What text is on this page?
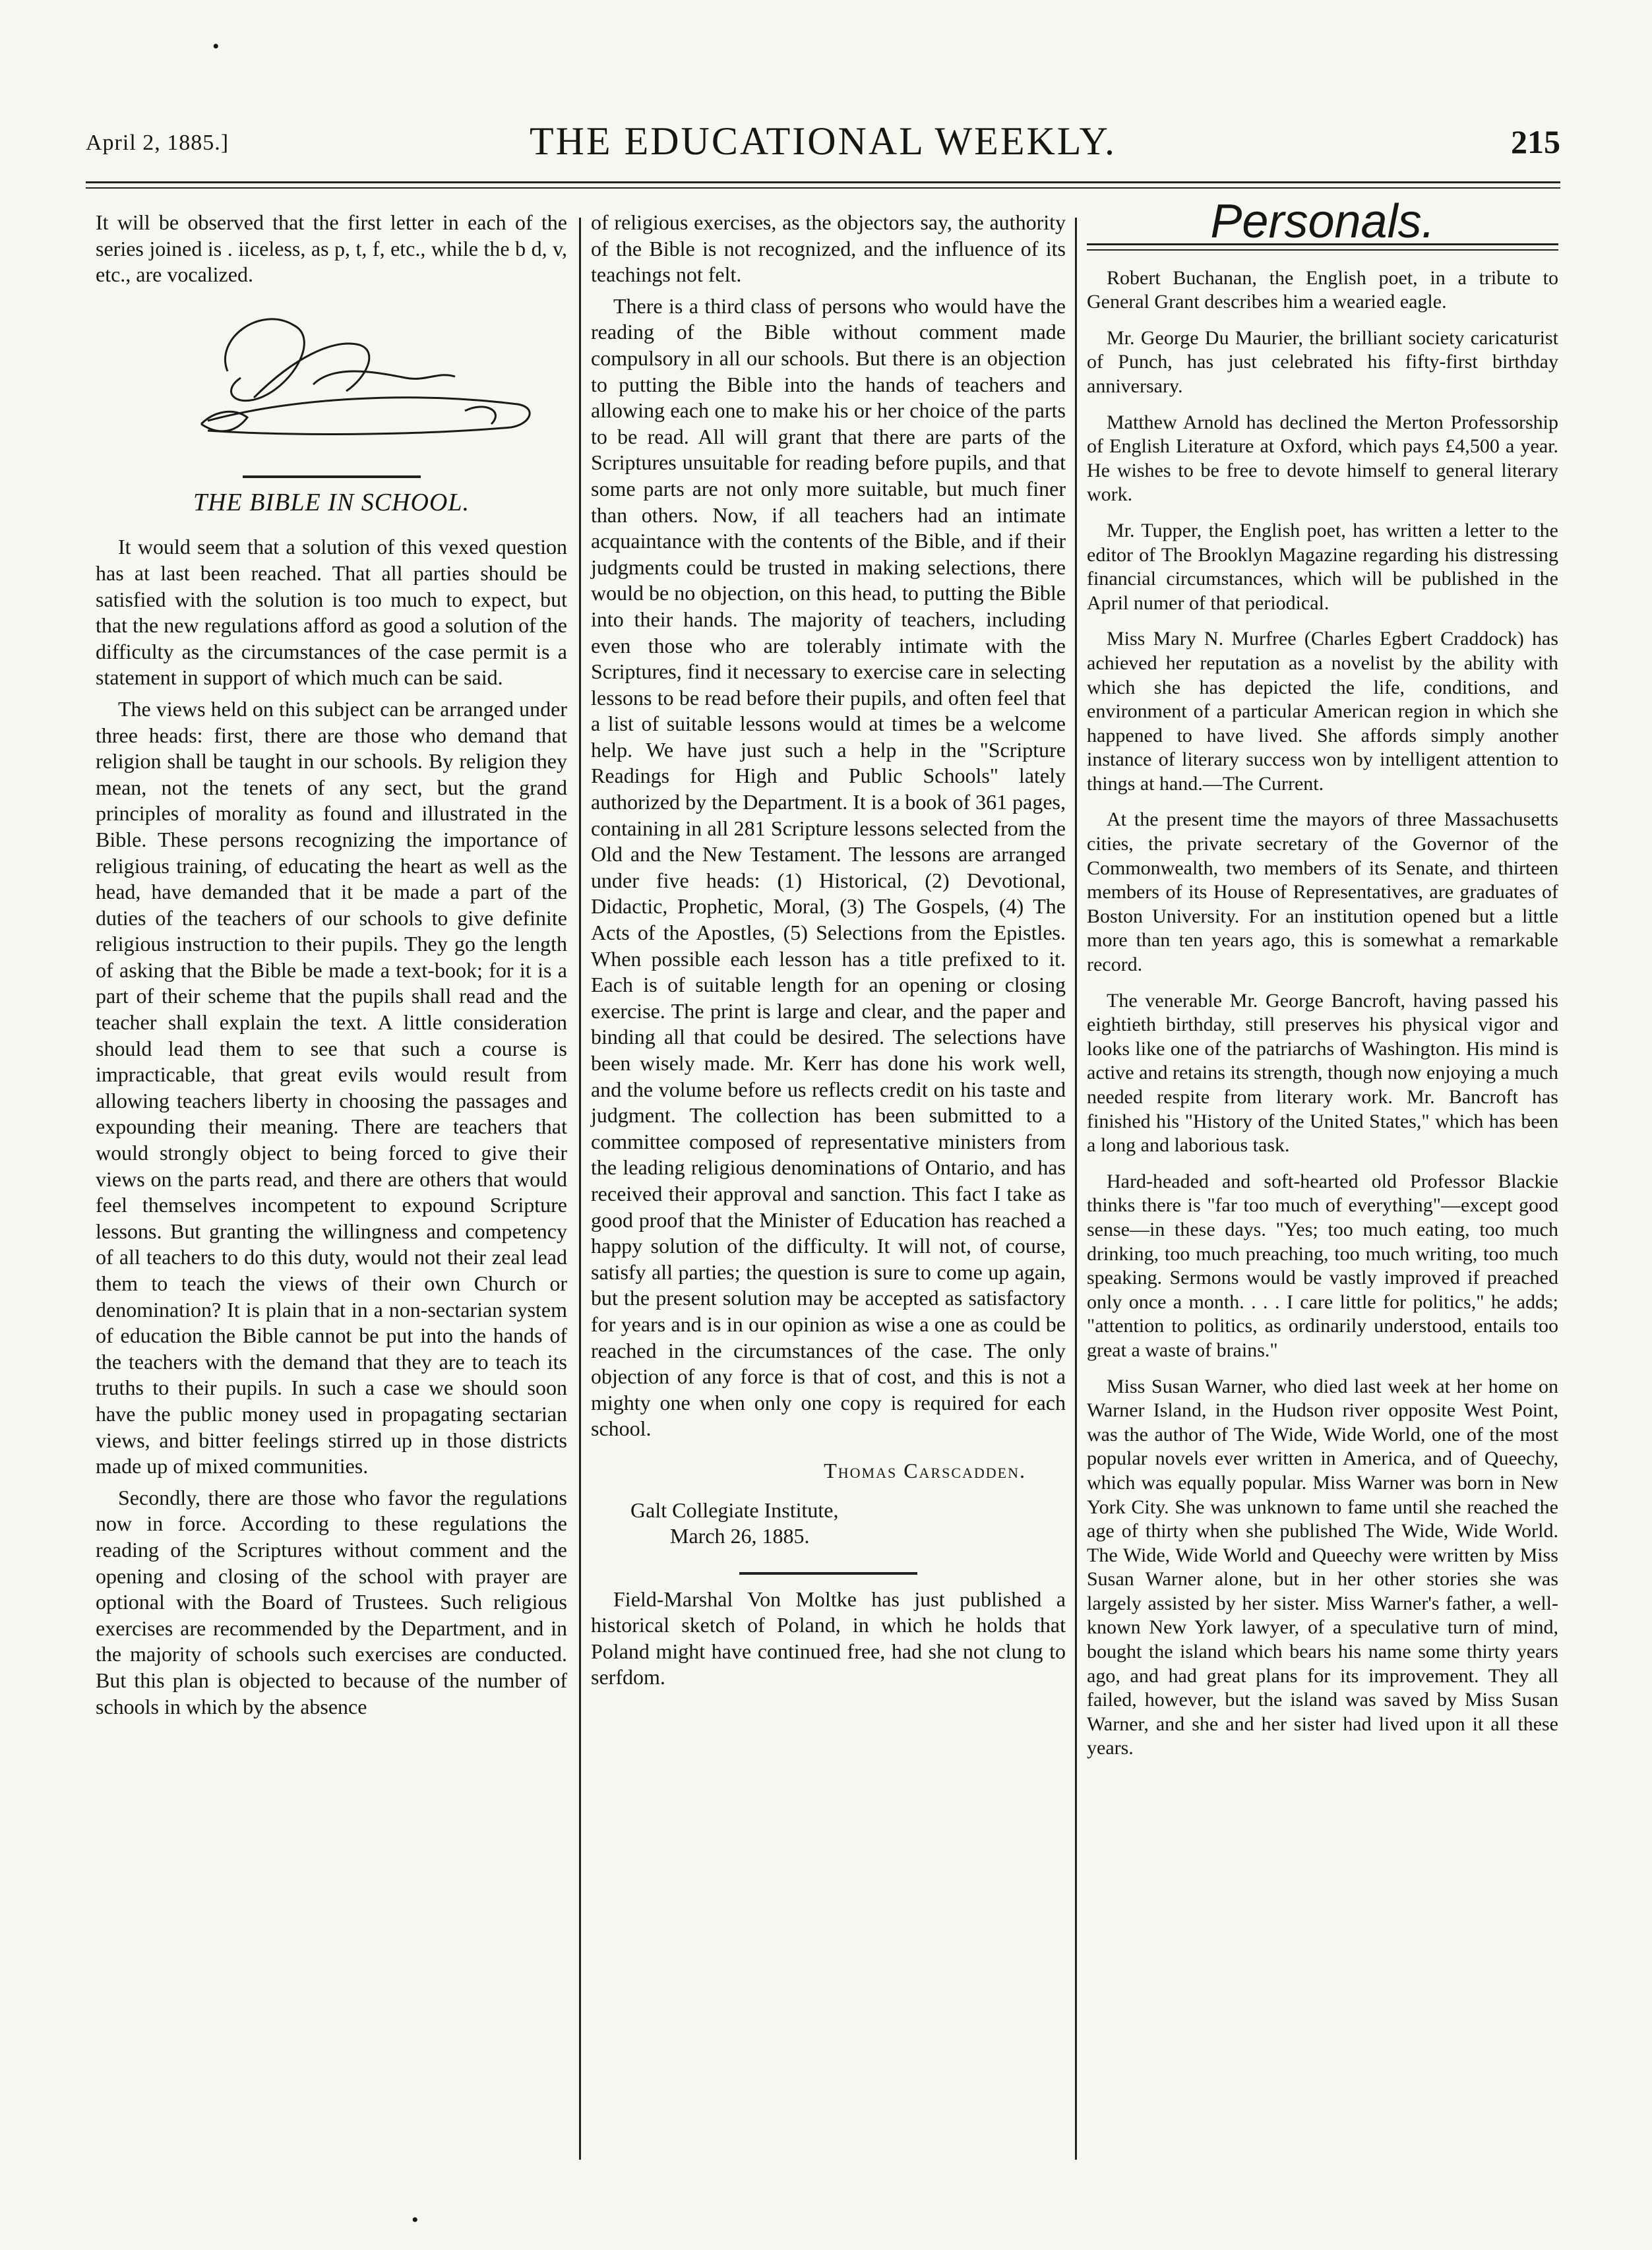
April 2, 1885.]	THE EDUCATIONAL WEEKLY.	215
•
•

It will be observed that the first letter in each of the series joined is . iiceless, as p, t, f, etc., while the b d, v, etc., are vocalized.

THE BIBLE IN SCHOOL.

It would seem that a solution of this vexed question has at last been reached. That all parties should be satisfied with the solution is too much to expect, but that the new regulations afford as good a solution of the difficulty as the circumstances of the case permit is a statement in support of which much can be said.

The views held on this subject can be arranged under three heads: first, there are those who demand that religion shall be taught in our schools. By religion they mean, not the tenets of any sect, but the grand principles of morality as found and illustrated in the Bible. These persons recognizing the importance of religious training, of educating the heart as well as the head, have demanded that it be made a part of the duties of the teachers of our schools to give definite religious instruction to their pupils. They go the length of asking that the Bible be made a text-book; for it is a part of their scheme that the pupils shall read and the teacher shall explain the text. A little consideration should lead them to see that such a course is impracticable, that great evils would result from allowing teachers liberty in choosing the passages and expounding their meaning. There are teachers that would strongly object to being forced to give their views on the parts read, and there are others that would feel themselves incompetent to expound Scripture lessons. But granting the willingness and competency of all teachers to do this duty, would not their zeal lead them to teach the views of their own Church or denomination? It is plain that in a non-sectarian system of education the Bible cannot be put into the hands of the teachers with the demand that they are to teach its truths to their pupils. In such a case we should soon have the public money used in propagating sectarian views, and bitter feelings stirred up in those districts made up of mixed communities.

Secondly, there are those who favor the regulations now in force. According to these regulations the reading of the Scriptures without comment and the opening and closing of the school with prayer are optional with the Board of Trustees. Such religious exercises are recommended by the Department, and in the majority of schools such exercises are conducted. But this plan is objected to because of the number of schools in which by the absence

of religious exercises, as the objectors say, the authority of the Bible is not recognized, and the influence of its teachings not felt.

There is a third class of persons who would have the reading of the Bible without comment made compulsory in all our schools. But there is an objection to putting the Bible into the hands of teachers and allowing each one to make his or her choice of the parts to be read. All will grant that there are parts of the Scriptures unsuitable for reading before pupils, and that some parts are not only more suitable, but much finer than others. Now, if all teachers had an intimate acquaintance with the contents of the Bible, and if their judgments could be trusted in making selections, there would be no objection, on this head, to putting the Bible into their hands. The majority of teachers, including even those who are tolerably intimate with the Scriptures, find it necessary to exercise care in selecting lessons to be read before their pupils, and often feel that a list of suitable lessons would at times be a welcome help. We have just such a help in the "Scripture Readings for High and Public Schools" lately authorized by the Department. It is a book of 361 pages, containing in all 281 Scripture lessons selected from the Old and the New Testament. The lessons are arranged under five heads: (1) Historical, (2) Devotional, Didactic, Prophetic, Moral, (3) The Gospels, (4) The Acts of the Apostles, (5) Selections from the Epistles. When possible each lesson has a title prefixed to it. Each is of suitable length for an opening or closing exercise. The print is large and clear, and the paper and binding all that could be desired. The selections have been wisely made. Mr. Kerr has done his work well, and the volume before us reflects credit on his taste and judgment. The collection has been submitted to a committee composed of representative ministers from the leading religious denominations of Ontario, and has received their approval and sanction. This fact I take as good proof that the Minister of Education has reached a happy solution of the difficulty. It will not, of course, satisfy all parties; the question is sure to come up again, but the present solution may be accepted as satisfactory for years and is in our opinion as wise a one as could be reached in the circumstances of the case. The only objection of any force is that of cost, and this is not a mighty one when only one copy is required for each school.

Thomas Carscadden.
Galt Collegiate Institute,
March 26, 1885.

Field-Marshal Von Moltke has just published a historical sketch of Poland, in which he holds that Poland might have continued free, had she not clung to serfdom.

Personals.

Robert Buchanan, the English poet, in a tribute to General Grant describes him a wearied eagle.

Mr. George Du Maurier, the brilliant society caricaturist of Punch, has just celebrated his fifty-first birthday anniversary.

Matthew Arnold has declined the Merton Professorship of English Literature at Oxford, which pays £4,500 a year. He wishes to be free to devote himself to general literary work.

Mr. Tupper, the English poet, has written a letter to the editor of The Brooklyn Magazine regarding his distressing financial circumstances, which will be published in the April numer of that periodical.

Miss Mary N. Murfree (Charles Egbert Craddock) has achieved her reputation as a novelist by the ability with which she has depicted the life, conditions, and environment of a particular American region in which she happened to have lived. She affords simply another instance of literary success won by intelligent attention to things at hand.—The Current.

At the present time the mayors of three Massachusetts cities, the private secretary of the Governor of the Commonwealth, two members of its Senate, and thirteen members of its House of Representatives, are graduates of Boston University. For an institution opened but a little more than ten years ago, this is somewhat a remarkable record.

The venerable Mr. George Bancroft, having passed his eightieth birthday, still preserves his physical vigor and looks like one of the patriarchs of Washington. His mind is active and retains its strength, though now enjoying a much needed respite from literary work. Mr. Bancroft has finished his "History of the United States," which has been a long and laborious task.

Hard-headed and soft-hearted old Professor Blackie thinks there is "far too much of everything"—except good sense—in these days. "Yes; too much eating, too much drinking, too much preaching, too much writing, too much speaking. Sermons would be vastly improved if preached only once a month. . . . I care little for politics," he adds; "attention to politics, as ordinarily understood, entails too great a waste of brains."

Miss Susan Warner, who died last week at her home on Warner Island, in the Hudson river opposite West Point, was the author of The Wide, Wide World, one of the most popular novels ever written in America, and of Queechy, which was equally popular. Miss Warner was born in New York City. She was unknown to fame until she reached the age of thirty when she published The Wide, Wide World. The Wide, Wide World and Queechy were written by Miss Susan Warner alone, but in her other stories she was largely assisted by her sister. Miss Warner's father, a well-known New York lawyer, of a speculative turn of mind, bought the island which bears his name some thirty years ago, and had great plans for its improvement. They all failed, however, but the island was saved by Miss Susan Warner, and she and her sister had lived upon it all these years.
